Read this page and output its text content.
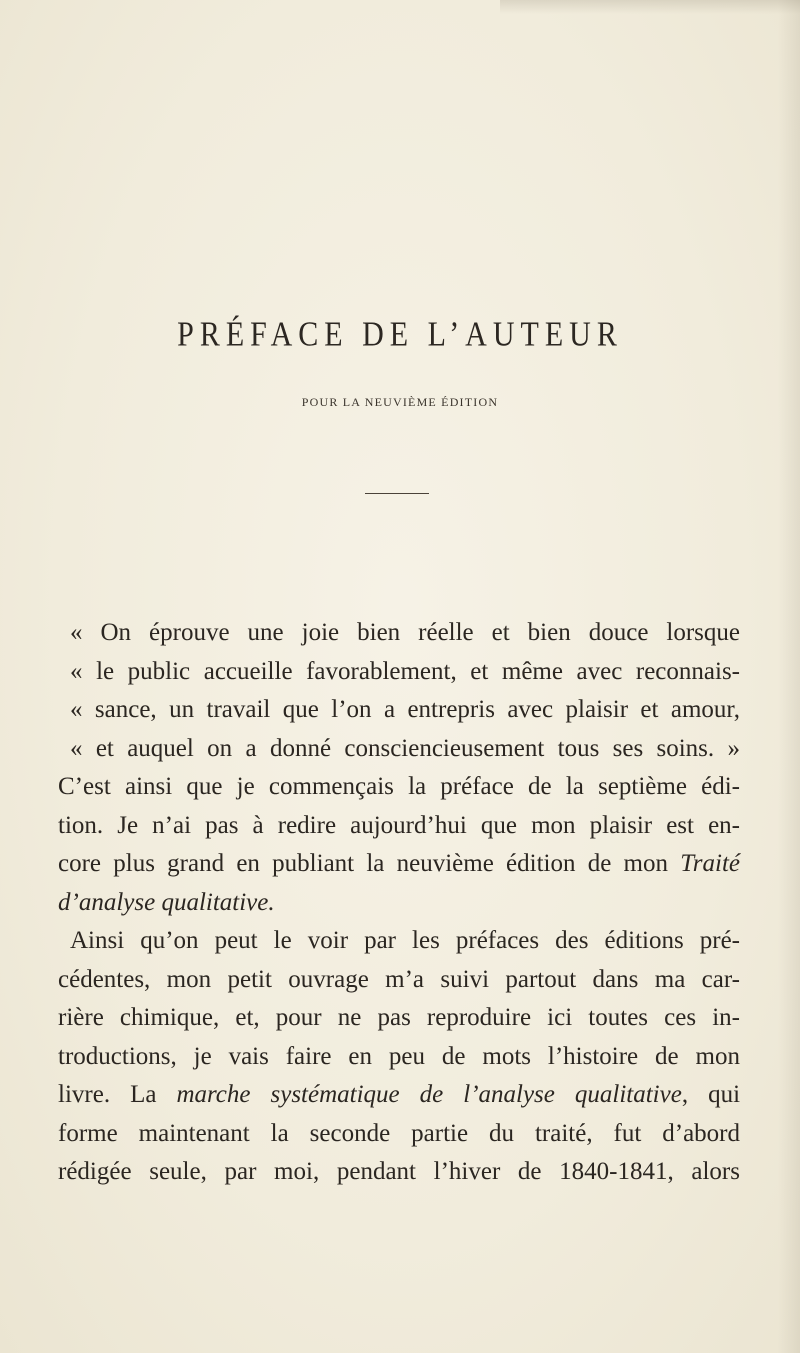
PRÉFACE DE L’AUTEUR
POUR LA NEUVIÈME ÉDITION
« On éprouve une joie bien réelle et bien douce lorsque
« le public accueille favorablement, et même avec reconnais-
« sance, un travail que l’on a entrepris avec plaisir et amour,
« et auquel on a donné consciencieusement tous ses soins. »
C’est ainsi que je commençais la préface de la septième édi-
tion. Je n’ai pas à redire aujourd’hui que mon plaisir est en-
core plus grand en publiant la neuvième édition de mon Traité
d’analyse qualitative.
Ainsi qu’on peut le voir par les préfaces des éditions pré-
cédentes, mon petit ouvrage m’a suivi partout dans ma car-
rière chimique, et, pour ne pas reproduire ici toutes ces in-
troductions, je vais faire en peu de mots l’histoire de mon
livre. La marche systématique de l’analyse qualitative, qui
forme maintenant la seconde partie du traité, fut d’abord
rédigée seule, par moi, pendant l’hiver de 1840-1841, alors
